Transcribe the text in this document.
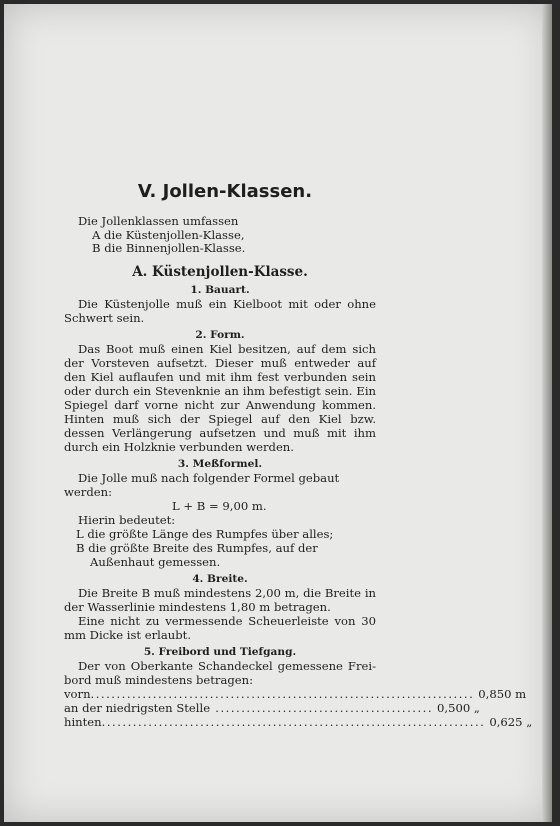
V. Jollen-Klassen.
Die Jollenklassen umfassen
A die Küstenjollen-Klasse,
B die Binnenjollen-Klasse.
A. Küstenjollen-Klasse.
1. Bauart.

Die Küstenjolle muß ein Kielboot mit oder ohne Schwert sein.

2. Form.

Das Boot muß einen Kiel besitzen, auf dem sich der Vorsteven aufsetzt. Dieser muß entweder auf den Kiel auflaufen und mit ihm fest verbunden sein oder durch ein Stevenknie an ihm befestigt sein. Ein Spiegel darf vorne nicht zur Anwendung kommen. Hinten muß sich der Spiegel auf den Kiel bzw. dessen Verlängerung aufsetzen und muß mit ihm durch ein Holzknie verbunden werden.

3. Meßformel.

Die Jolle muß nach folgender Formel gebaut

werden:
L + B = 9,00 m.
Hierin bedeutet:
L die größte Länge des Rumpfes über alles;
B die größte Breite des Rumpfes, auf der Außenhaut gemessen.
4. Breite.

Die Breite B muß mindestens 2,00 m, die Breite in der Wasserlinie mindestens 1,80 m betragen.

Eine nicht zu vermessende Scheuerleiste von 30 mm Dicke ist erlaubt.

5. Freibord und Tiefgang.

Der von Oberkante Schandeckel gemessene Frei- bord muß mindestens betragen:

vorn .......................................................................... 0,850 m
an der niedrigsten Stelle .......................................... 0,500 „
hinten .......................................................................... 0,625 „
